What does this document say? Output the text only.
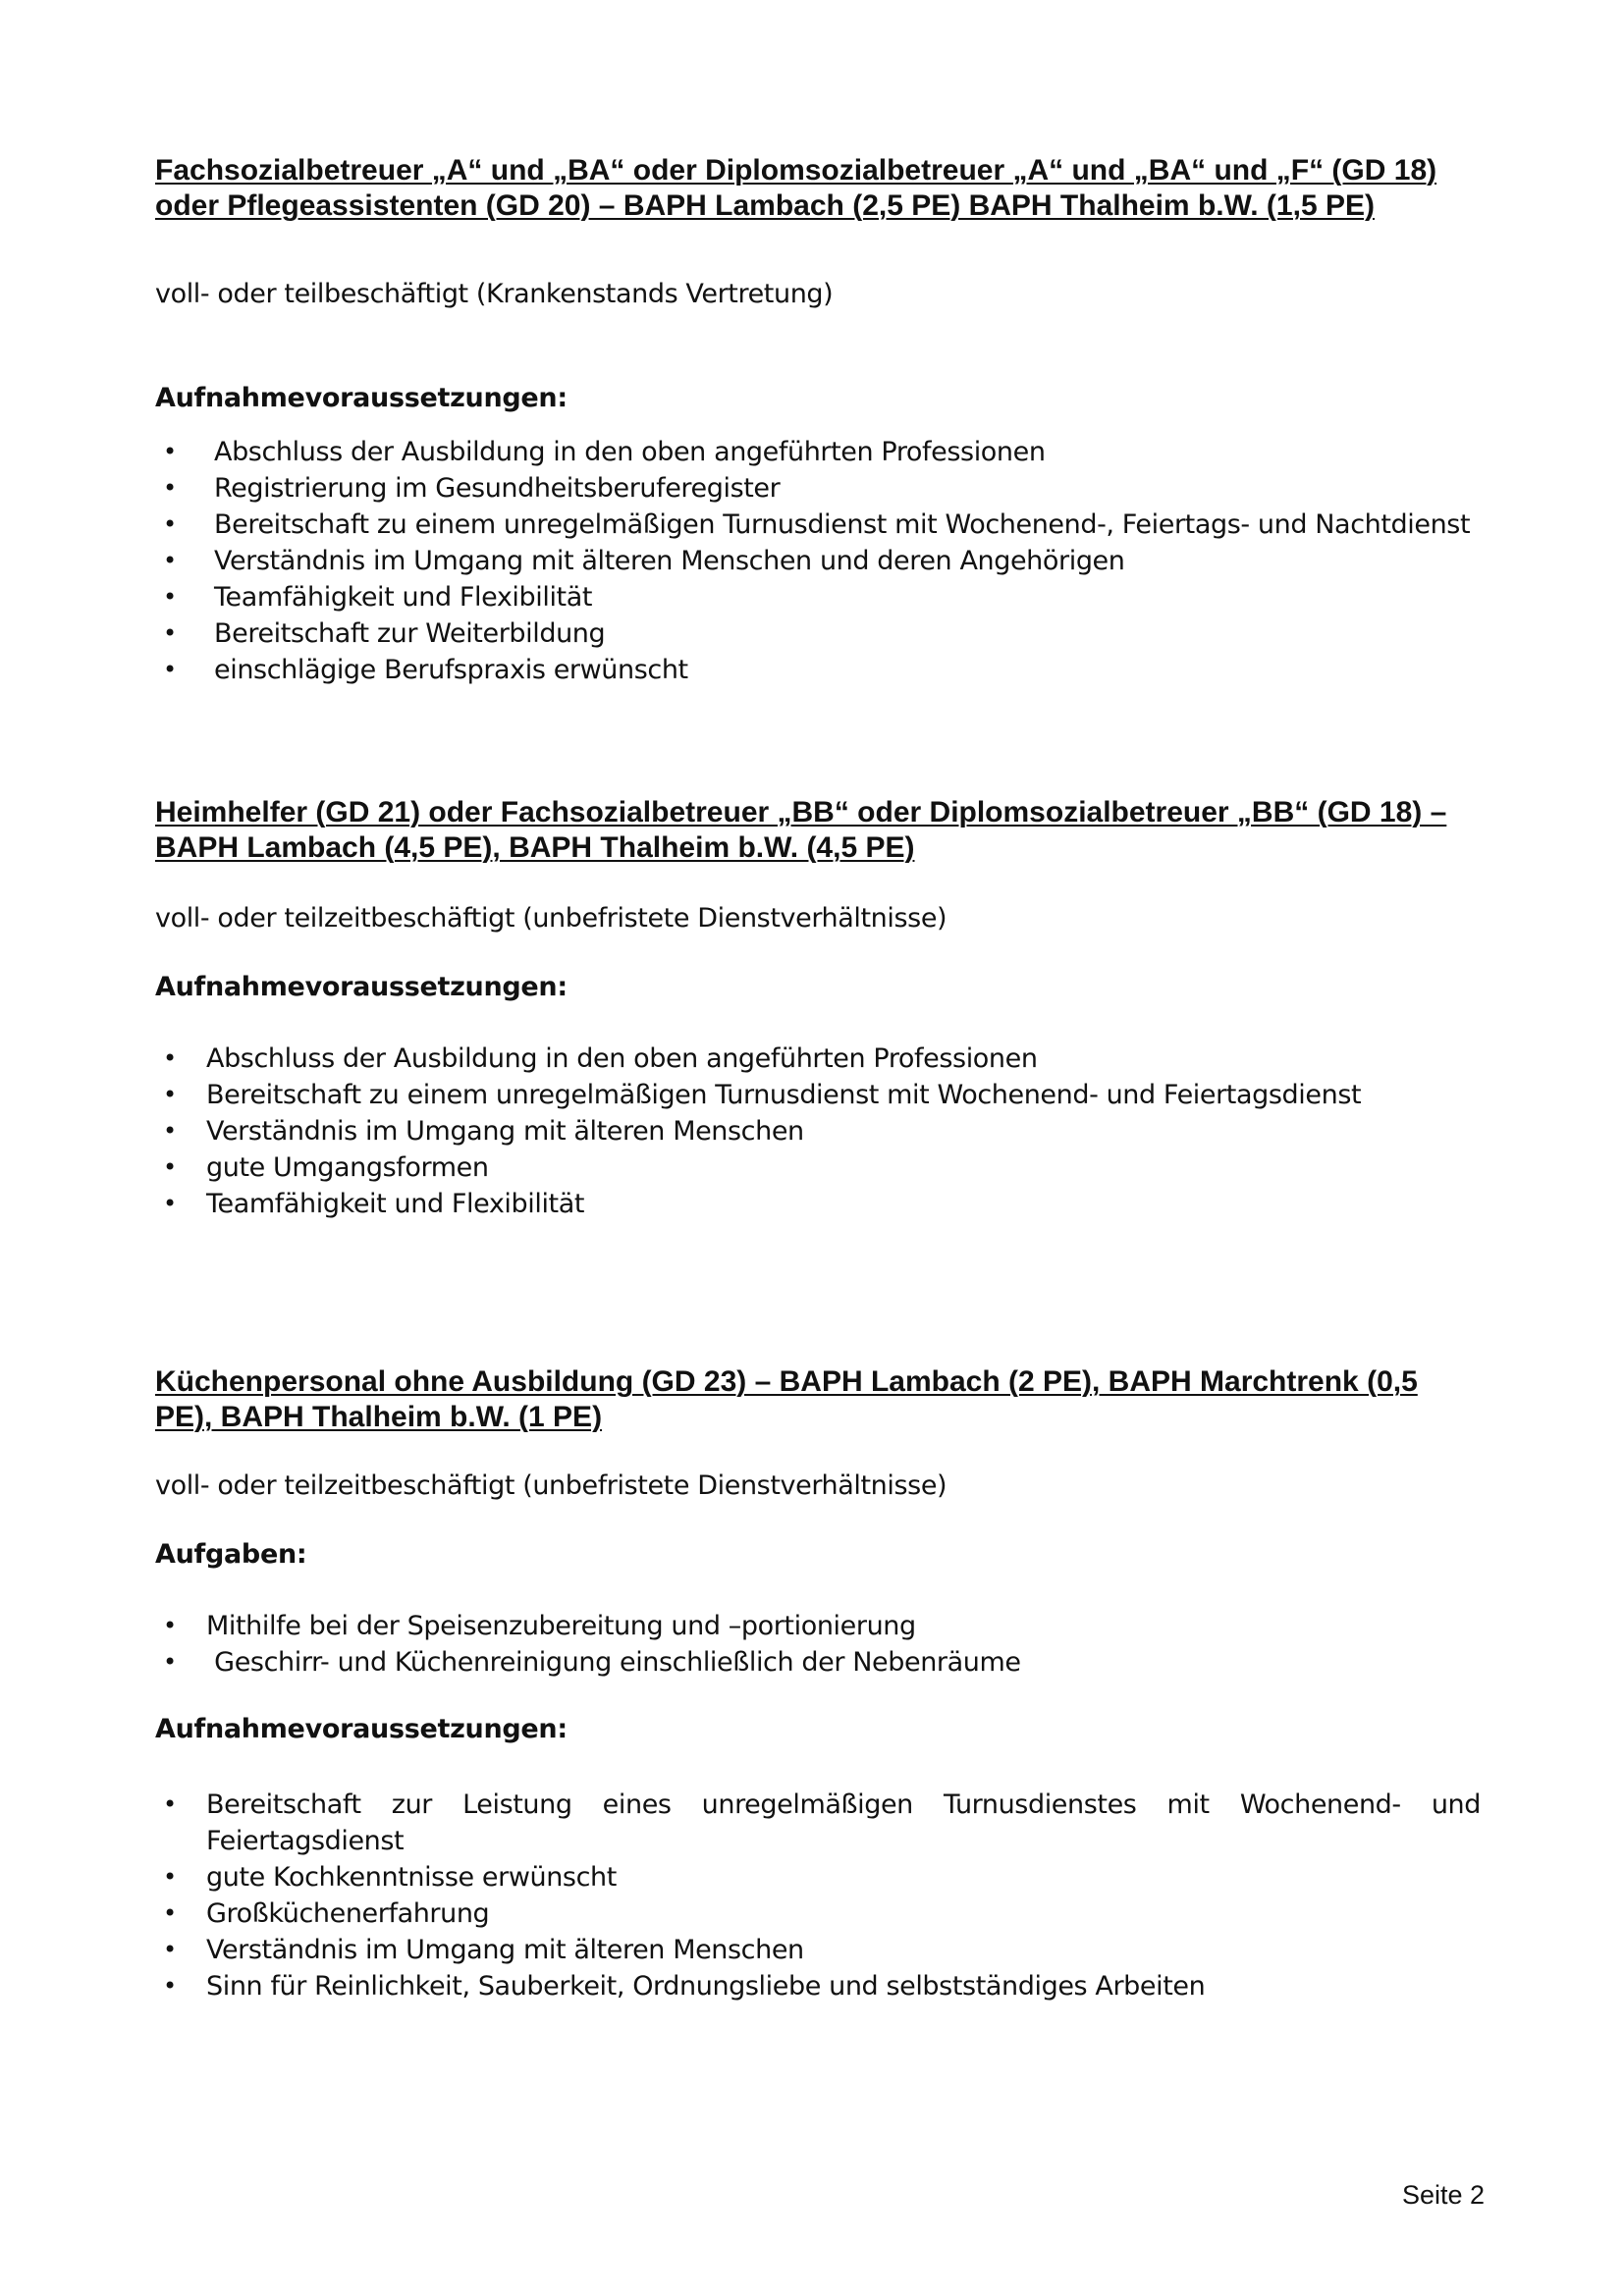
Fachsozialbetreuer „A“ und „BA“ oder Diplomsozialbetreuer „A“ und „BA“ und „F“ (GD 18) oder Pflegeassistenten (GD 20) – BAPH Lambach (2,5 PE) BAPH Thalheim b.W. (1,5 PE)

voll- oder teilbeschäftigt (Krankenstands Vertretung)

Aufnahmevoraussetzungen:

• Abschluss der Ausbildung in den oben angeführten Professionen
• Registrierung im Gesundheitsberuferegister
• Bereitschaft zu einem unregelmäßigen Turnusdienst mit Wochenend-, Feiertags- und Nachtdienst
• Verständnis im Umgang mit älteren Menschen und deren Angehörigen
• Teamfähigkeit und Flexibilität
• Bereitschaft zur Weiterbildung
• einschlägige Berufspraxis erwünscht

Heimhelfer (GD 21) oder Fachsozialbetreuer „BB“ oder Diplomsozialbetreuer „BB“ (GD 18) – BAPH Lambach (4,5 PE), BAPH Thalheim b.W. (4,5 PE)

voll- oder teilzeitbeschäftigt (unbefristete Dienstverhältnisse)

Aufnahmevoraussetzungen:

• Abschluss der Ausbildung in den oben angeführten Professionen
• Bereitschaft zu einem unregelmäßigen Turnusdienst mit Wochenend- und Feiertagsdienst
• Verständnis im Umgang mit älteren Menschen
• gute Umgangsformen
• Teamfähigkeit und Flexibilität

Küchenpersonal ohne Ausbildung (GD 23) – BAPH Lambach (2 PE), BAPH Marchtrenk (0,5 PE), BAPH Thalheim b.W. (1 PE)

voll- oder teilzeitbeschäftigt (unbefristete Dienstverhältnisse)

Aufgaben:

• Mithilfe bei der Speisenzubereitung und –portionierung
• Geschirr- und Küchenreinigung einschließlich der Nebenräume

Aufnahmevoraussetzungen:

• Bereitschaft zur Leistung eines unregelmäßigen Turnusdienstes mit Wochenend- und Feiertagsdienst
• gute Kochkenntnisse erwünscht
• Großküchenerfahrung
• Verständnis im Umgang mit älteren Menschen
• Sinn für Reinlichkeit, Sauberkeit, Ordnungsliebe und selbstständiges Arbeiten
Seite 2
